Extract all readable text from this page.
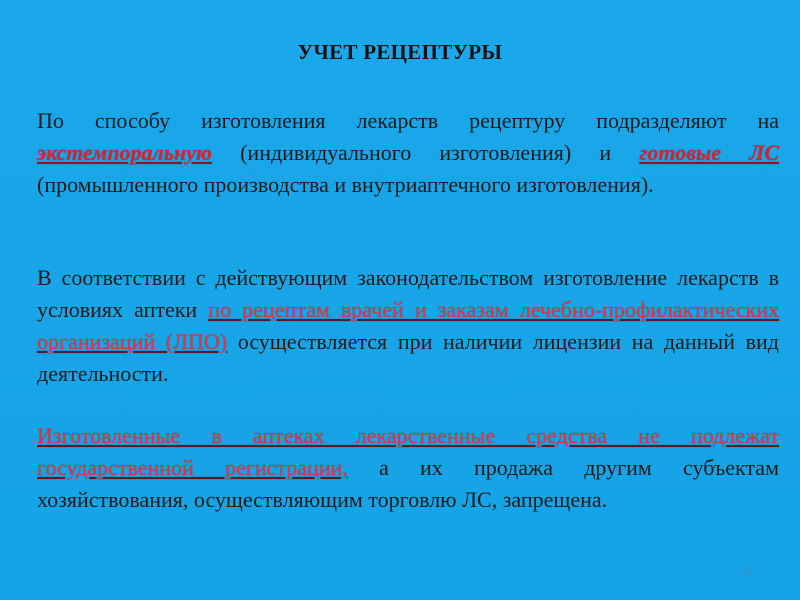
УЧЕТ РЕЦЕПТУРЫ
По способу изготовления лекарств рецептуру подразделяют на экстемпоральную (индивидуального изготовления) и готовые ЛС (промышленного производства и внутриаптечного изготовления).
В соответствии с действующим законодательством изготовление лекарств в условиях аптеки по рецептам врачей и заказам лечебно-профилактических организаций (ЛПО) осуществляется при наличии лицензии на данный вид деятельности.
Изготовленные в аптеках лекарственные средства не подлежат государственной регистрации, а их продажа другим субъектам хозяйствования, осуществляющим торговлю ЛС, запрещена.
20
